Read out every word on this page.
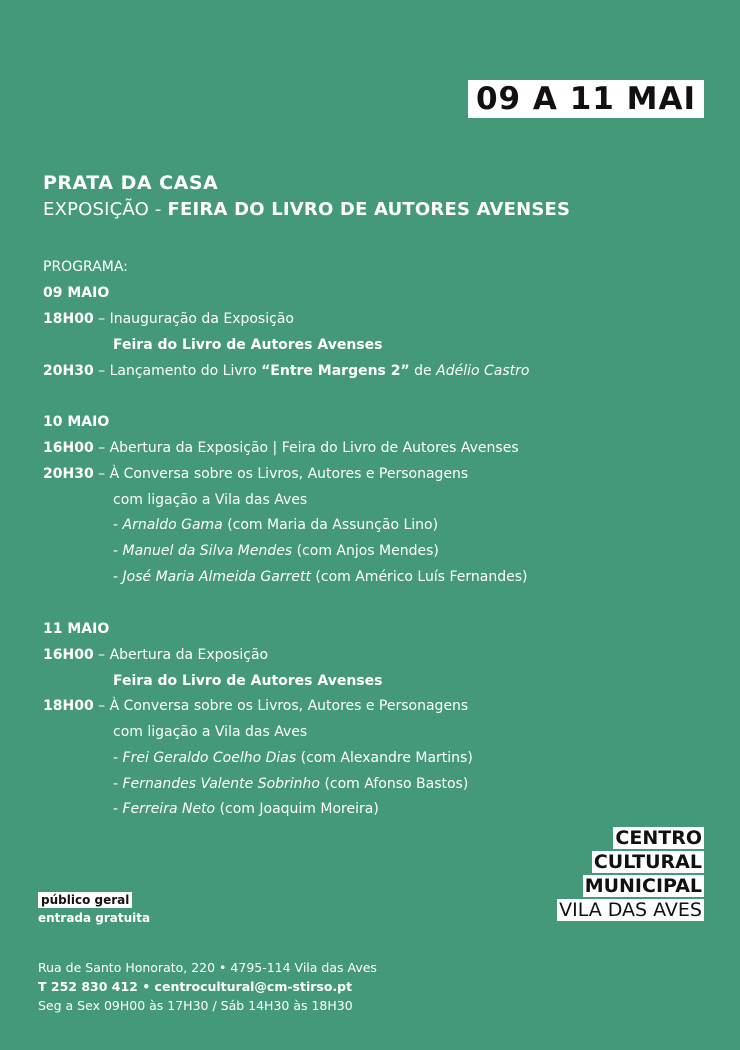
09 A 11 MAI
PRATA DA CASA
EXPOSIÇÃO - FEIRA DO LIVRO DE AUTORES AVENSES
PROGRAMA:
09 MAIO
18H00 – Inauguração da Exposição
Feira do Livro de Autores Avenses
20H30 – Lançamento do Livro “Entre Margens 2” de Adélio Castro
10 MAIO
16H00 – Abertura da Exposição | Feira do Livro de Autores Avenses
20H30 – À Conversa sobre os Livros, Autores e Personagens
com ligação a Vila das Aves
- Arnaldo Gama (com Maria da Assunção Lino)
- Manuel da Silva Mendes (com Anjos Mendes)
- José Maria Almeida Garrett (com Américo Luís Fernandes)
11 MAIO
16H00 – Abertura da Exposição
Feira do Livro de Autores Avenses
18H00 – À Conversa sobre os Livros, Autores e Personagens
com ligação a Vila das Aves
- Frei Geraldo Coelho Dias (com Alexandre Martins)
- Fernandes Valente Sobrinho (com Afonso Bastos)
- Ferreira Neto (com Joaquim Moreira)
público geral
entrada gratuita
CENTRO
CULTURAL
MUNICIPAL
VILA DAS AVES
Rua de Santo Honorato, 220 • 4795-114 Vila das Aves
T 252 830 412 • centrocultural@cm-stirso.pt
Seg a Sex 09H00 às 17H30 / Sáb 14H30 às 18H30
